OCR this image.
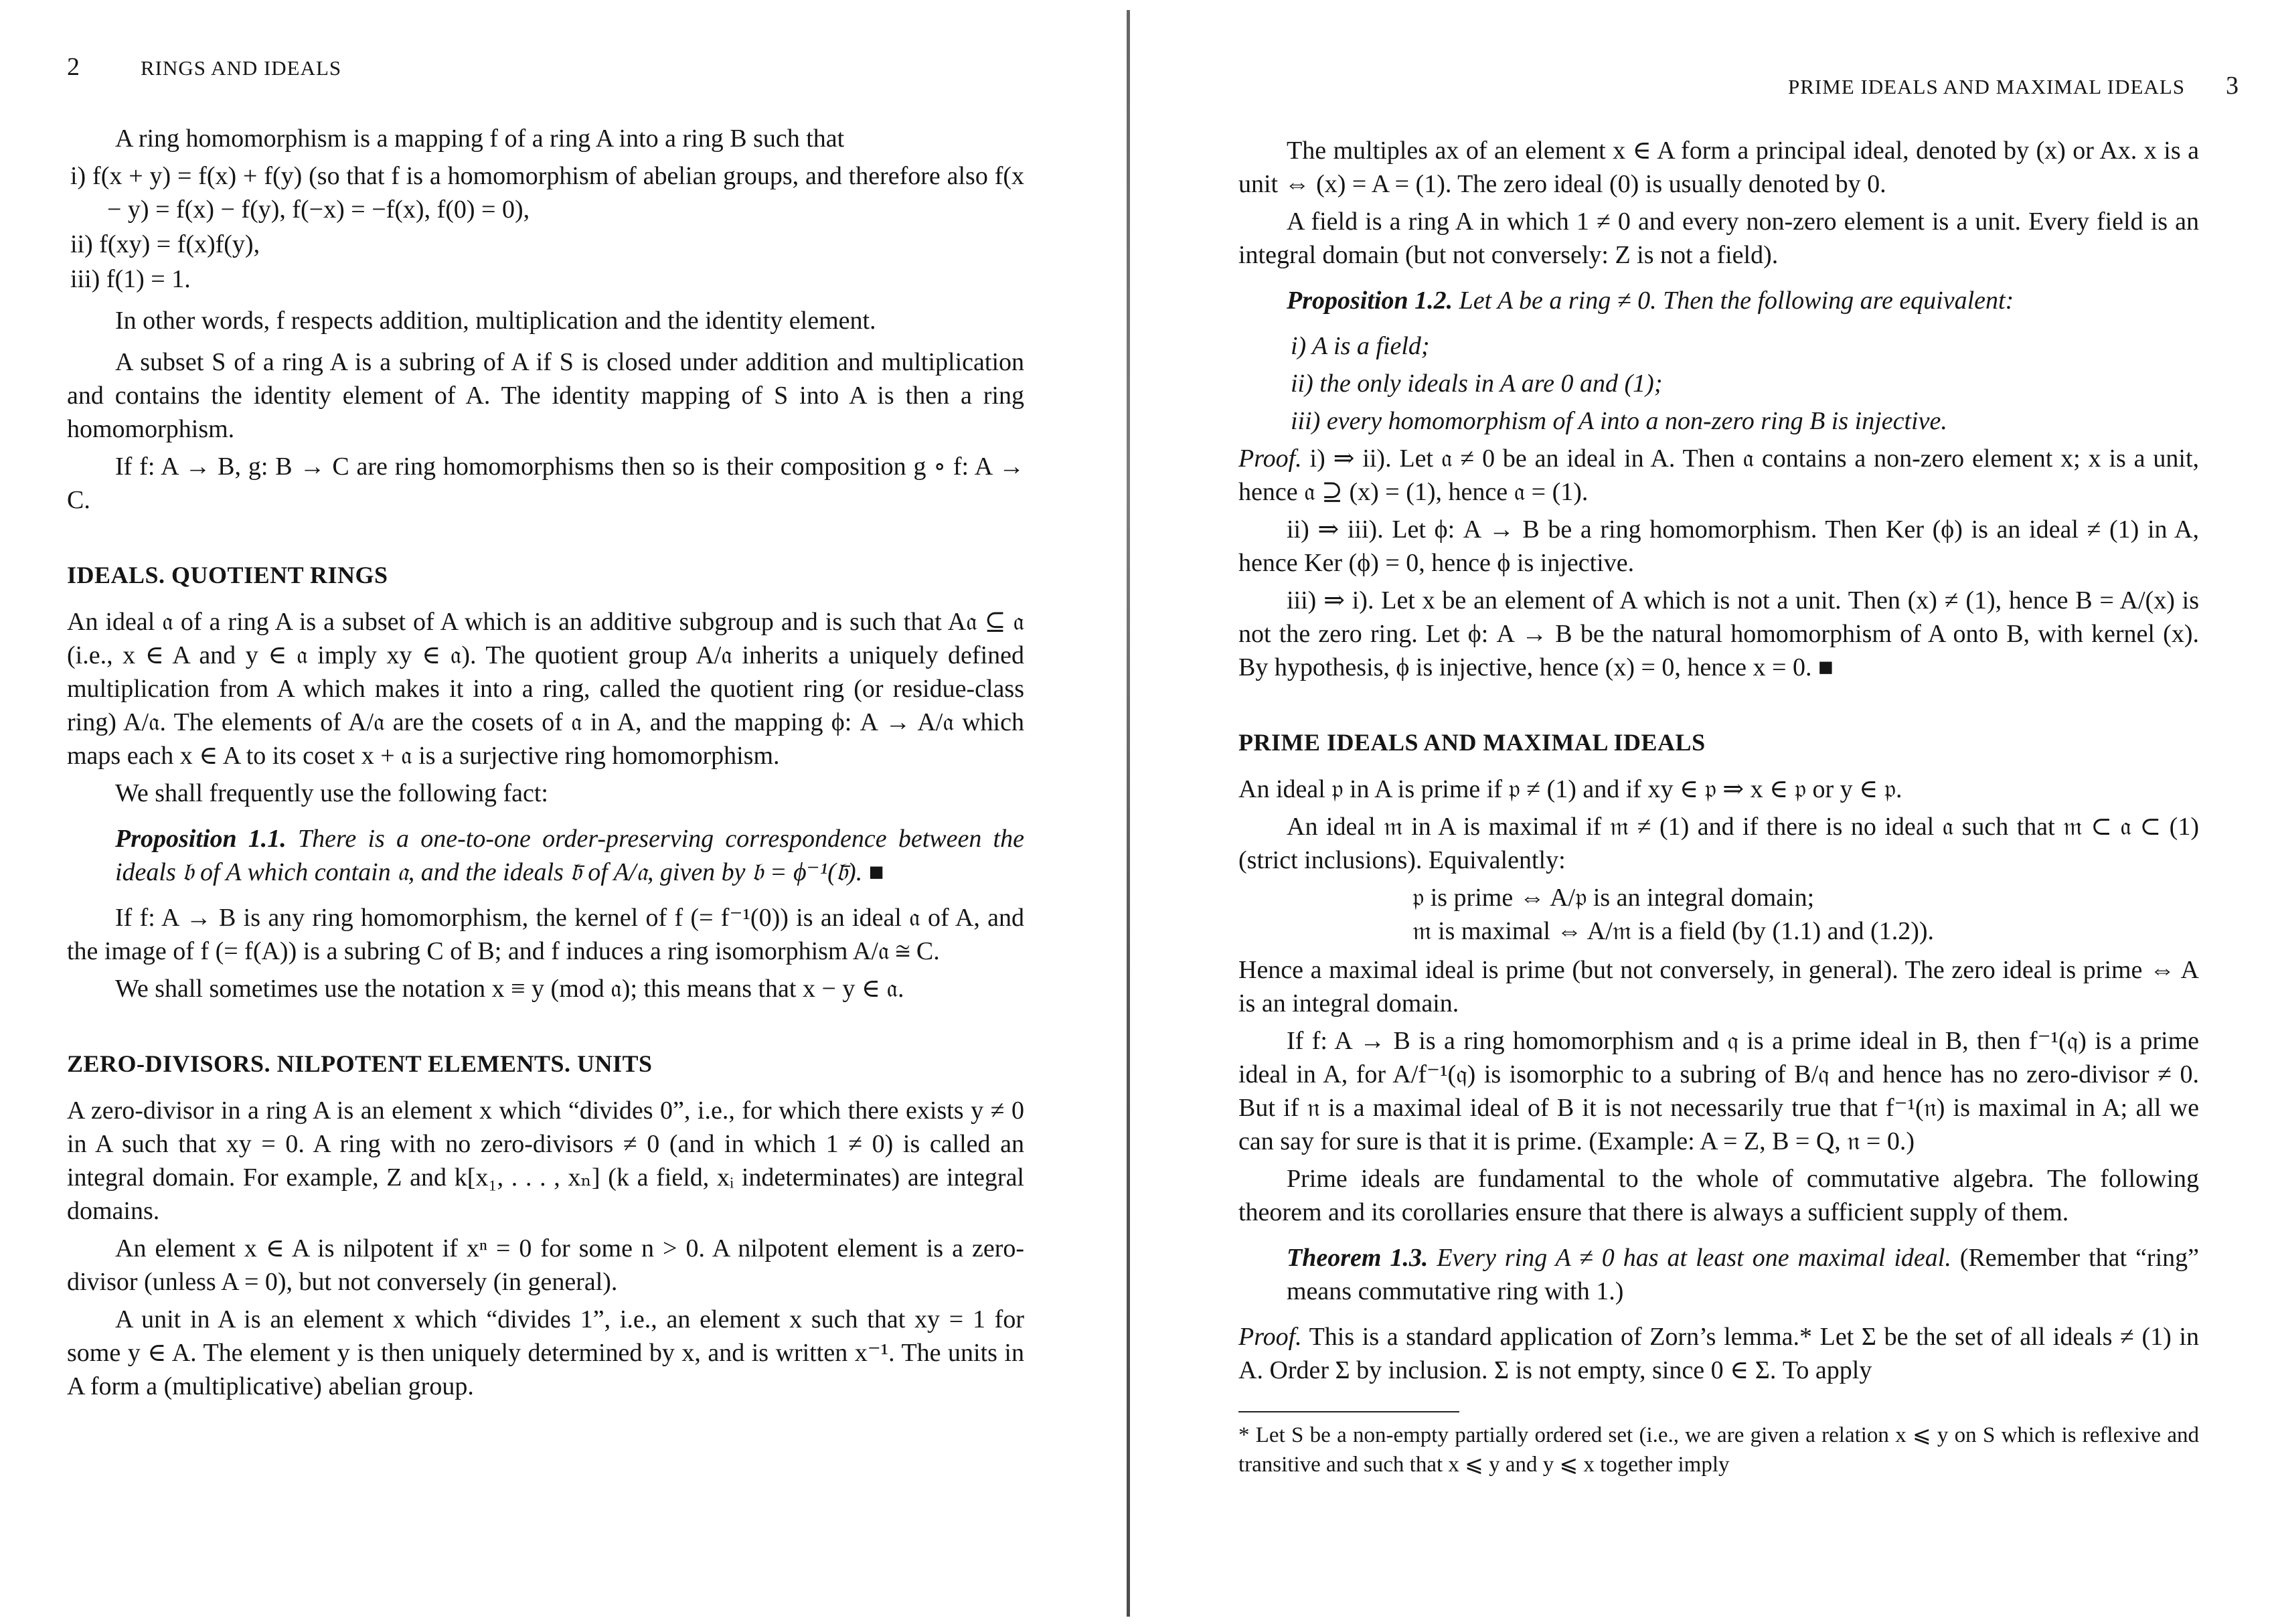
2	RINGS AND IDEALS

A ring homomorphism is a mapping f of a ring A into a ring B such that

i) f(x + y) = f(x) + f(y) (so that f is a homomorphism of abelian groups, and therefore also f(x − y) = f(x) − f(y), f(−x) = −f(x), f(0) = 0),

ii) f(xy) = f(x)f(y),

iii) f(1) = 1.

In other words, f respects addition, multiplication and the identity element.

A subset S of a ring A is a subring of A if S is closed under addition and multiplication and contains the identity element of A. The identity mapping of S into A is then a ring homomorphism.

If f: A → B, g: B → C are ring homomorphisms then so is their composition g ∘ f: A → C.

IDEALS. QUOTIENT RINGS

An ideal 𝔞 of a ring A is a subset of A which is an additive subgroup and is such that A𝔞 ⊆ 𝔞 (i.e., x ∈ A and y ∈ 𝔞 imply xy ∈ 𝔞). The quotient group A/𝔞 inherits a uniquely defined multiplication from A which makes it into a ring, called the quotient ring (or residue-class ring) A/𝔞. The elements of A/𝔞 are the cosets of 𝔞 in A, and the mapping ϕ: A → A/𝔞 which maps each x ∈ A to its coset x + 𝔞 is a surjective ring homomorphism.

We shall frequently use the following fact:

Proposition 1.1. There is a one-to-one order-preserving correspondence between the ideals 𝔟 of A which contain 𝔞, and the ideals 𝔟̄ of A/𝔞, given by 𝔟 = ϕ⁻¹(𝔟̄). ■

If f: A → B is any ring homomorphism, the kernel of f (= f⁻¹(0)) is an ideal 𝔞 of A, and the image of f (= f(A)) is a subring C of B; and f induces a ring isomorphism A/𝔞 ≅ C.

We shall sometimes use the notation x ≡ y (mod 𝔞); this means that x − y ∈ 𝔞.

ZERO-DIVISORS. NILPOTENT ELEMENTS. UNITS

A zero-divisor in a ring A is an element x which “divides 0”, i.e., for which there exists y ≠ 0 in A such that xy = 0. A ring with no zero-divisors ≠ 0 (and in which 1 ≠ 0) is called an integral domain. For example, Z and k[x₁, . . . , xₙ] (k a field, xᵢ indeterminates) are integral domains.

An element x ∈ A is nilpotent if xⁿ = 0 for some n > 0. A nilpotent element is a zero-divisor (unless A = 0), but not conversely (in general).

A unit in A is an element x which “divides 1”, i.e., an element x such that xy = 1 for some y ∈ A. The element y is then uniquely determined by x, and is written x⁻¹. The units in A form a (multiplicative) abelian group.

PRIME IDEALS AND MAXIMAL IDEALS 3

The multiples ax of an element x ∈ A form a principal ideal, denoted by (x) or Ax. x is a unit ⇔ (x) = A = (1). The zero ideal (0) is usually denoted by 0.

A field is a ring A in which 1 ≠ 0 and every non-zero element is a unit. Every field is an integral domain (but not conversely: Z is not a field).

Proposition 1.2. Let A be a ring ≠ 0. Then the following are equivalent:

i) A is a field;

ii) the only ideals in A are 0 and (1);

iii) every homomorphism of A into a non-zero ring B is injective.

Proof. i) ⇒ ii). Let 𝔞 ≠ 0 be an ideal in A. Then 𝔞 contains a non-zero element x; x is a unit, hence 𝔞 ⊇ (x) = (1), hence 𝔞 = (1).

ii) ⇒ iii). Let ϕ: A → B be a ring homomorphism. Then Ker (ϕ) is an ideal ≠ (1) in A, hence Ker (ϕ) = 0, hence ϕ is injective.

iii) ⇒ i). Let x be an element of A which is not a unit. Then (x) ≠ (1), hence B = A/(x) is not the zero ring. Let ϕ: A → B be the natural homomorphism of A onto B, with kernel (x). By hypothesis, ϕ is injective, hence (x) = 0, hence x = 0. ■

PRIME IDEALS AND MAXIMAL IDEALS

An ideal 𝔭 in A is prime if 𝔭 ≠ (1) and if xy ∈ 𝔭 ⇒ x ∈ 𝔭 or y ∈ 𝔭.

An ideal 𝔪 in A is maximal if 𝔪 ≠ (1) and if there is no ideal 𝔞 such that 𝔪 ⊂ 𝔞 ⊂ (1) (strict inclusions). Equivalently:

𝔭 is prime ⇔ A/𝔭 is an integral domain;

𝔪 is maximal ⇔ A/𝔪 is a field (by (1.1) and (1.2)).

Hence a maximal ideal is prime (but not conversely, in general). The zero ideal is prime ⇔ A is an integral domain.

If f: A → B is a ring homomorphism and 𝔮 is a prime ideal in B, then f⁻¹(𝔮) is a prime ideal in A, for A/f⁻¹(𝔮) is isomorphic to a subring of B/𝔮 and hence has no zero-divisor ≠ 0. But if 𝔫 is a maximal ideal of B it is not necessarily true that f⁻¹(𝔫) is maximal in A; all we can say for sure is that it is prime. (Example: A = Z, B = Q, 𝔫 = 0.)

Prime ideals are fundamental to the whole of commutative algebra. The following theorem and its corollaries ensure that there is always a sufficient supply of them.

Theorem 1.3. Every ring A ≠ 0 has at least one maximal ideal. (Remember that “ring” means commutative ring with 1.)

Proof. This is a standard application of Zorn’s lemma.* Let Σ be the set of all ideals ≠ (1) in A. Order Σ by inclusion. Σ is not empty, since 0 ∈ Σ. To apply

* Let S be a non-empty partially ordered set (i.e., we are given a relation x ⩽ y on S which is reflexive and transitive and such that x ⩽ y and y ⩽ x together imply
